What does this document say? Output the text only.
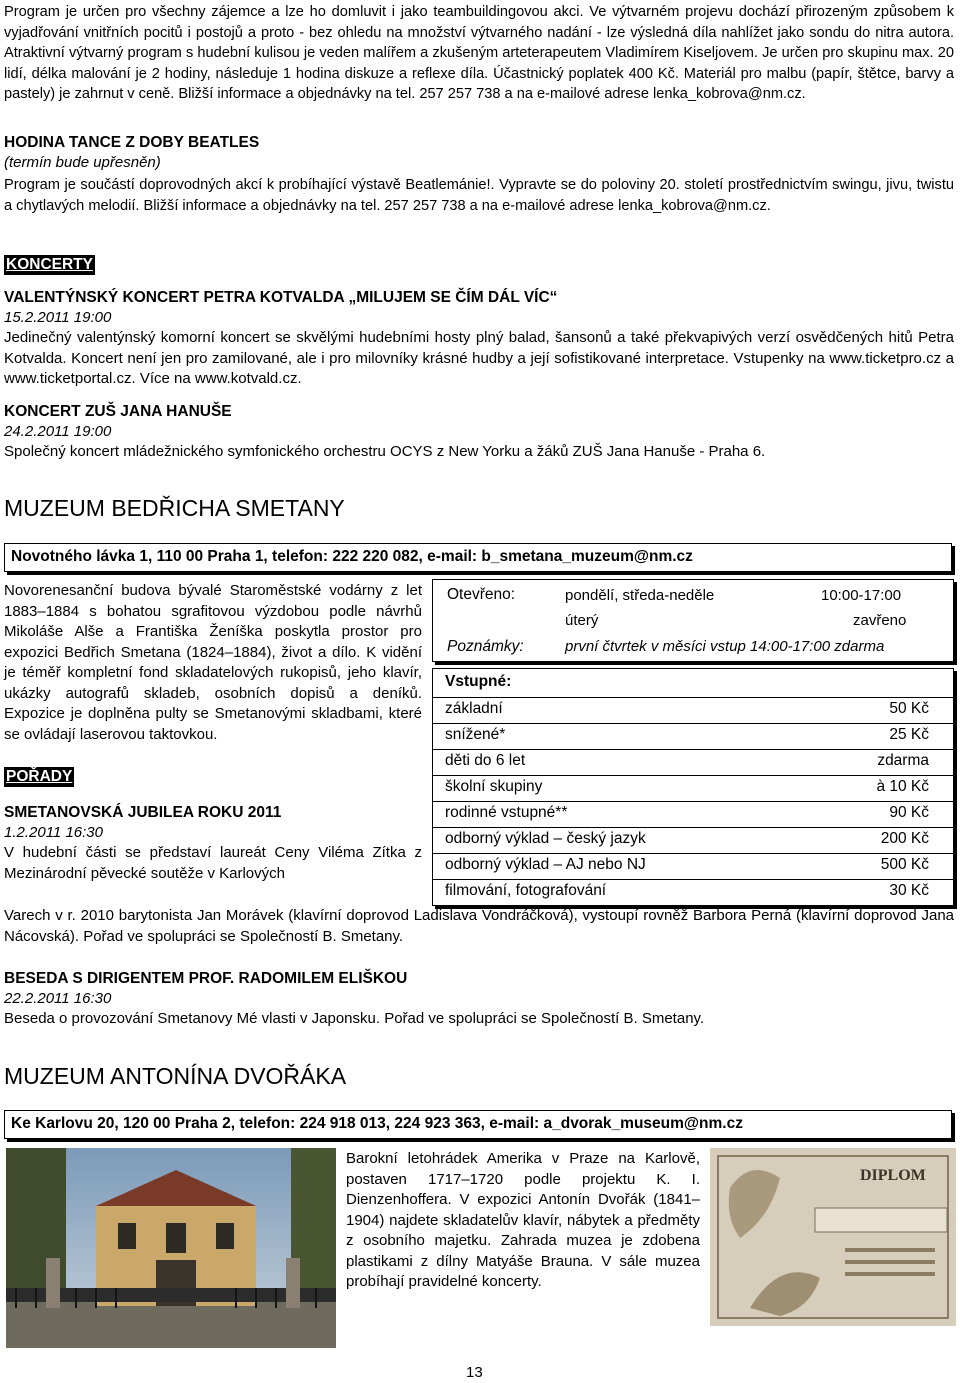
Program je určen pro všechny zájemce a lze ho domluvit i jako teambuildingovou akci. Ve výtvarném projevu dochází přirozeným způsobem k vyjadřování vnitřních pocitů i postojů a proto - bez ohledu na množství výtvarného nadání - lze výsledná díla nahlížet jako sondu do nitra autora. Atraktivní výtvarný program s hudební kulisou je veden malířem a zkušeným arteterapeutem Vladimírem Kiseljovem. Je určen pro skupinu max. 20 lidí, délka malování je 2 hodiny, následuje 1 hodina diskuze a reflexe díla. Účastnický poplatek 400 Kč. Materiál pro malbu (papír, štětce, barvy a pastely) je zahrnut v ceně. Bližší informace a objednávky na tel. 257 257 738 a na e-mailové adrese lenka_kobrova@nm.cz.

HODINA TANCE Z DOBY BEATLES

(termín bude upřesněn)

Program je součástí doprovodných akcí k probíhající výstavě Beatlemánie!. Vypravte se do poloviny 20. století prostřednictvím swingu, jivu, twistu a chytlavých melodií. Bližší informace a objednávky na tel. 257 257 738 a na e-mailové adrese lenka_kobrova@nm.cz.

KONCERTY

VALENTÝNSKÝ KONCERT PETRA KOTVALDA „MILUJEM SE ČÍM DÁL VÍC“

15.2.2011 19:00

Jedinečný valentýnský komorní koncert se skvělými hudebními hosty plný balad, šansonů a také překvapivých verzí osvědčených hitů Petra Kotvalda. Koncert není jen pro zamilované, ale i pro milovníky krásné hudby a její sofistikované interpretace. Vstupenky na www.ticketpro.cz a www.ticketportal.cz. Více na www.kotvald.cz.

KONCERT ZUŠ JANA HANUŠE

24.2.2011 19:00

Společný koncert mládežnického symfonického orchestru OCYS z New Yorku a žáků ZUŠ Jana Hanuše - Praha 6.

MUZEUM BEDŘICHA SMETANY
Novotného lávka 1, 110 00 Praha 1, telefon: 222 220 082, e-mail: b_smetana_muzeum@nm.cz

Novorenesanční budova bývalé Staroměstské vodárny z let 1883–1884 s bohatou sgrafitovou výzdobou podle návrhů Mikoláše Alše a Františka Ženíška poskytla prostor pro expozici Bedřich Smetana (1824–1884), život a dílo. K vidění je téměř kompletní fond skladatelových rukopisů, jeho klavír, ukázky autografů skladeb, osobních dopisů a deníků. Expozice je doplněna pulty se Smetanovými skladbami, které se ovládají laserovou taktovkou.

POŘADY

SMETANOVSKÁ JUBILEA ROKU 2011

1.2.2011 16:30

V hudební části se představí laureát Ceny Viléma Zítka z Mezinárodní pěvecké soutěže v Karlových

Otevřeno:	pondělí, středa-neděle	10:00-17:00
úterý	zavřeno
Poznámky:	první čtvrtek v měsíci vstup 14:00-17:00 zdarma
Vstupné:
základní	50 Kč
snížené*	25 Kč
děti do 6 let	zdarma
školní skupiny	à 10 Kč
rodinné vstupné**	90 Kč
odborný výklad – český jazyk	200 Kč
odborný výklad – AJ nebo NJ	500 Kč
filmování, fotografování	30 Kč

Varech v r. 2010 barytonista Jan Morávek (klavírní doprovod Ladislava Vondráčková), vystoupí rovněž Barbora Perná (klavírní doprovod Jana Nácovská). Pořad ve spolupráci se Společností B. Smetany.

BESEDA S DIRIGENTEM PROF. RADOMILEM ELIŠKOU

22.2.2011 16:30

Beseda o provozování Smetanovy Mé vlasti v Japonsku. Pořad ve spolupráci se Společností B. Smetany.

MUZEUM ANTONÍNA DVOŘÁKA
Ke Karlovu 20, 120 00 Praha 2, telefon: 224 918 013, 224 923 363, e-mail: a_dvorak_museum@nm.cz

Barokní letohrádek Amerika v Praze na Karlově, postaven 1717–1720 podle projektu K. I. Dienzenhoffera. V expozici Antonín Dvořák (1841–1904) najdete skladatelův klavír, nábytek a předměty z osobního majetku. Zahrada muzea je zdobena plastikami z dílny Matyáše Brauna. V sále muzea probíhají pravidelné koncerty.

DIPLOM
13
